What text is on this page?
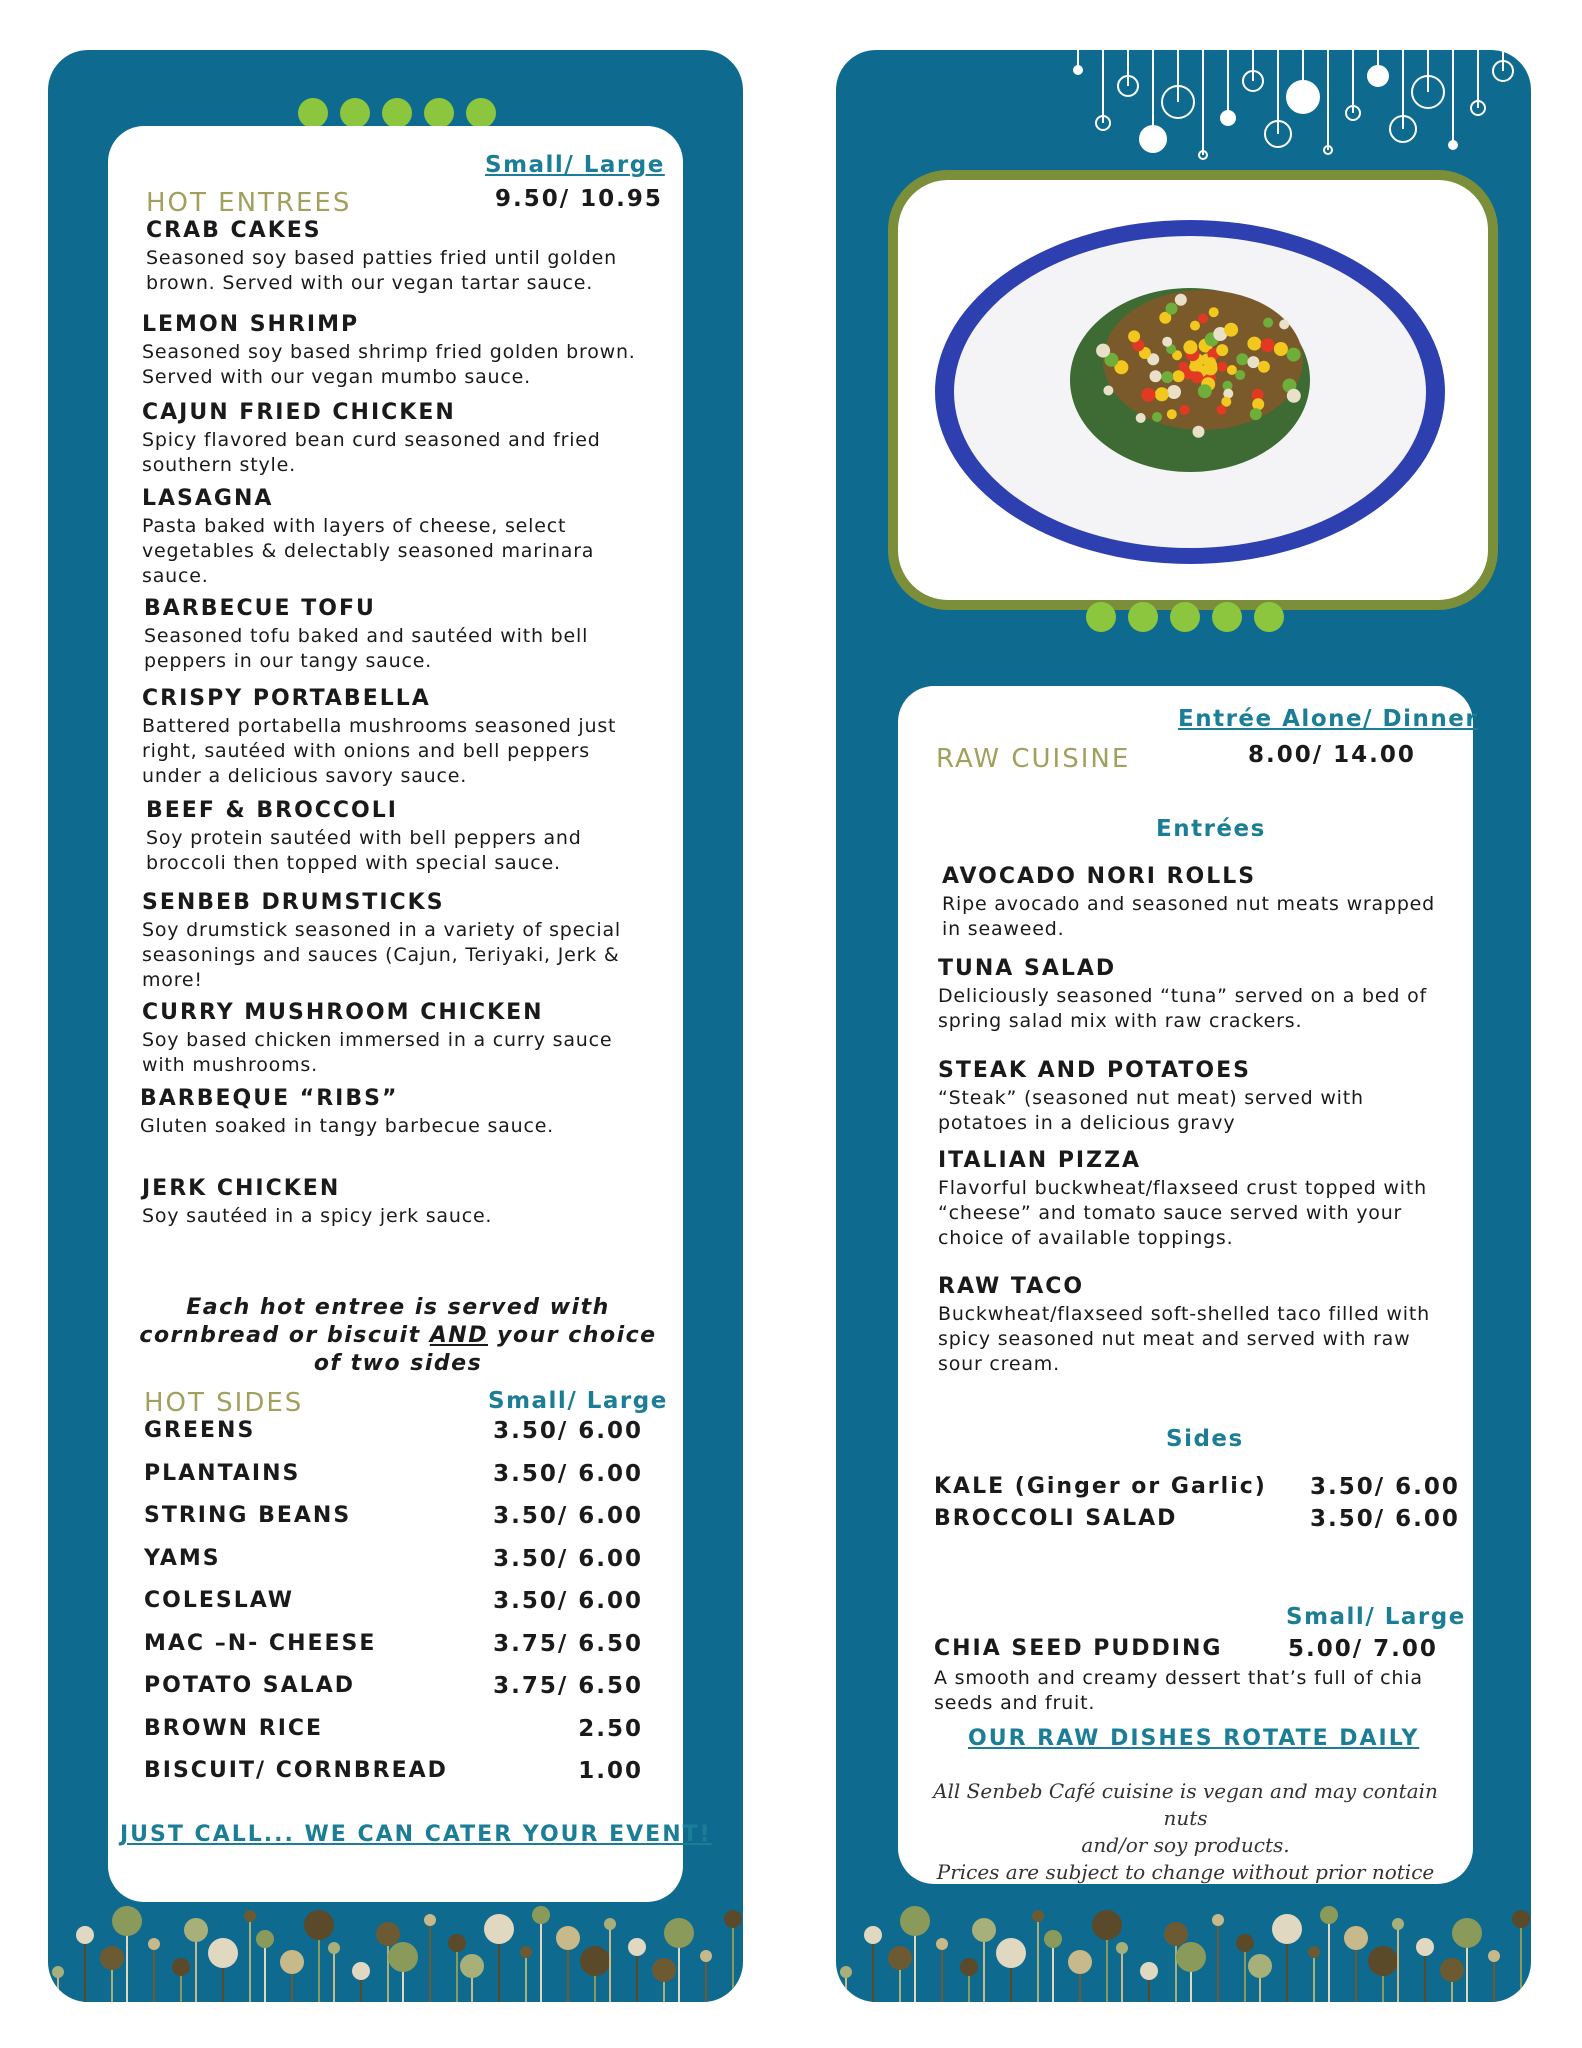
Small/ Large
HOT ENTREES	9.50/ 10.95
CRAB CAKES
Seasoned soy based patties fried until golden brown. Served with our vegan tartar sauce.
LEMON SHRIMP
Seasoned soy based shrimp fried golden brown. Served with our vegan mumbo sauce.
CAJUN FRIED CHICKEN
Spicy flavored bean curd seasoned and fried southern style.
LASAGNA
Pasta baked with layers of cheese, select vegetables & delectably seasoned marinara sauce.
BARBECUE TOFU
Seasoned tofu baked and sautéed with bell peppers in our tangy sauce.
CRISPY PORTABELLA
Battered portabella mushrooms seasoned just right, sautéed with onions and bell peppers under a delicious savory sauce.
BEEF & BROCCOLI
Soy protein sautéed with bell peppers and broccoli then topped with special sauce.
SENBEB DRUMSTICKS
Soy drumstick seasoned in a variety of special seasonings and sauces (Cajun, Teriyaki, Jerk & more!
CURRY MUSHROOM CHICKEN
Soy based chicken immersed in a curry sauce with mushrooms.
BARBEQUE “RIBS”
Gluten soaked in tangy barbecue sauce.
JERK CHICKEN
Soy sautéed in a spicy jerk sauce.
Each hot entree is served with
cornbread or biscuit AND your choice
of two sides
HOT SIDES	Small/ Large
GREENS	3.50/ 6.00
PLANTAINS	3.50/ 6.00
STRING BEANS	3.50/ 6.00
YAMS	3.50/ 6.00
COLESLAW	3.50/ 6.00
MAC –N- CHEESE	3.75/ 6.50
POTATO SALAD	3.75/ 6.50
BROWN RICE	2.50
BISCUIT/ CORNBREAD	1.00
JUST CALL... WE CAN CATER YOUR EVENT!
Entrée Alone/ Dinner
RAW CUISINE	8.00/ 14.00
Entrées
AVOCADO NORI ROLLS
Ripe avocado and seasoned nut meats wrapped in seaweed.
TUNA SALAD
Deliciously seasoned “tuna” served on a bed of spring salad mix with raw crackers.
STEAK AND POTATOES
“Steak” (seasoned nut meat) served with potatoes in a delicious gravy
ITALIAN PIZZA
Flavorful buckwheat/flaxseed crust topped with “cheese” and tomato sauce served with your choice of available toppings.
RAW TACO
Buckwheat/flaxseed soft-shelled taco filled with spicy seasoned nut meat and served with raw sour cream.
Sides
KALE (Ginger or Garlic) 3.50/ 6.00
BROCCOLI SALAD	3.50/ 6.00
Small/ Large
CHIA SEED PUDDING	5.00/ 7.00
A smooth and creamy dessert that’s full of chia seeds and fruit.
OUR RAW DISHES ROTATE DAILY
All Senbeb Café cuisine is vegan and may contain nuts
and/or soy products.
Prices are subject to change without prior notice
